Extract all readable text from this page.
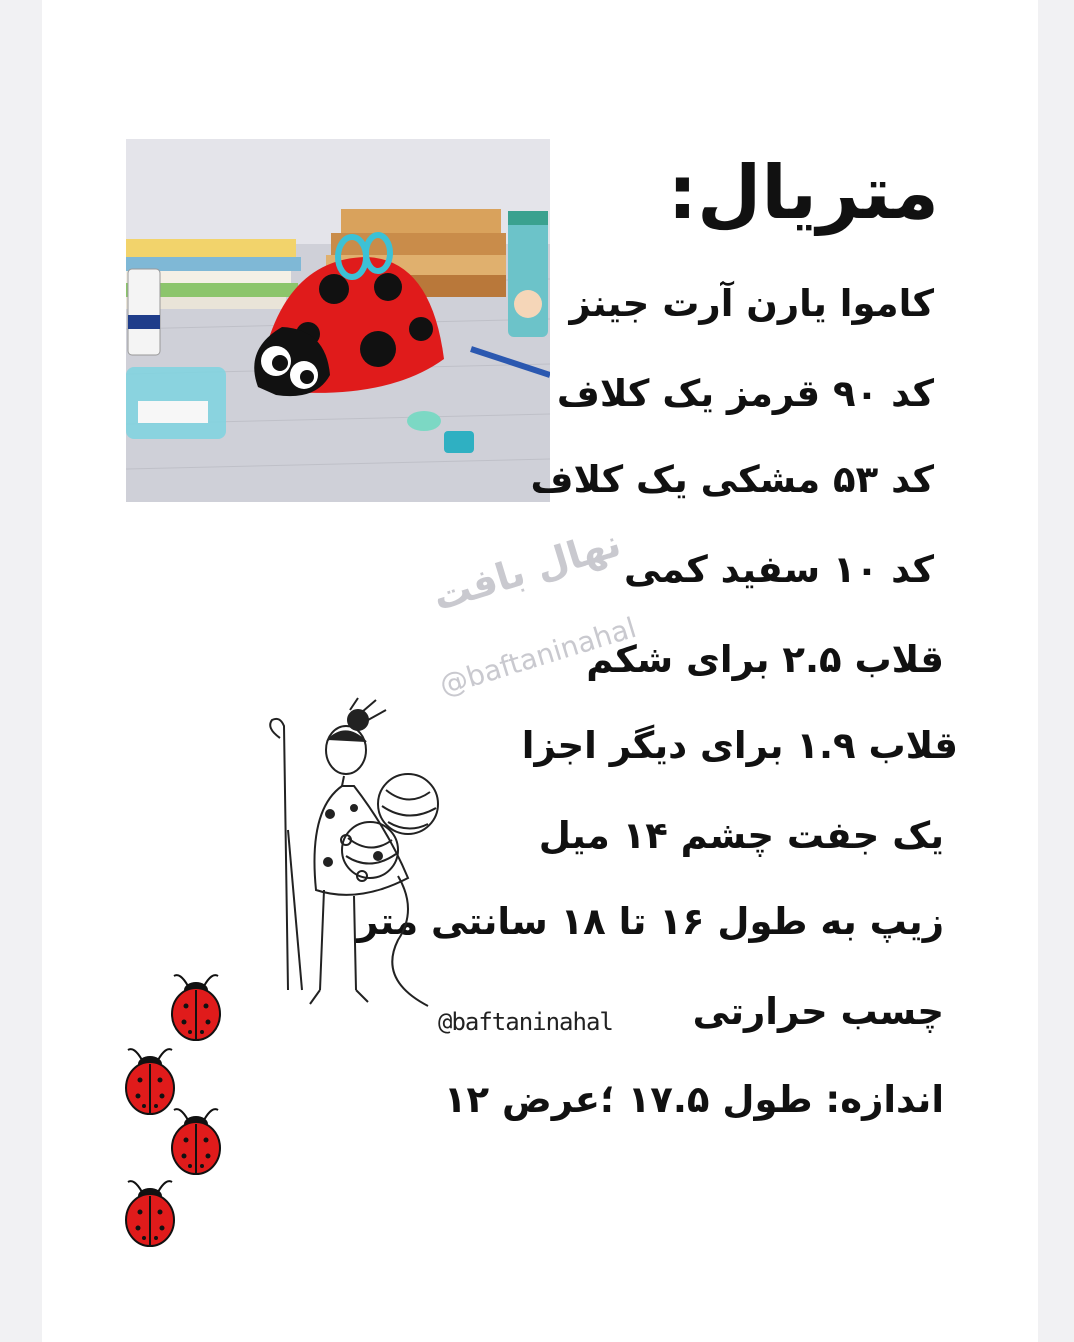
متریال:
کاموا یارن آرت جینز
کد ۹۰ قرمز یک کلاف
کد ۵۳ مشکی یک کلاف
کد ۱۰ سفید کمی
قلاب ۲.۵ برای شکم
قلاب ۱.۹ برای دیگر اجزا
یک جفت چشم ۱۴ میل
زیپ به طول ۱۶ تا ۱۸ سانتی متر
چسب حرارتی
اندازه: طول ۱۷.۵ ؛عرض ۱۲
نهال بافت
@baftaninahal
@baftaninahal
